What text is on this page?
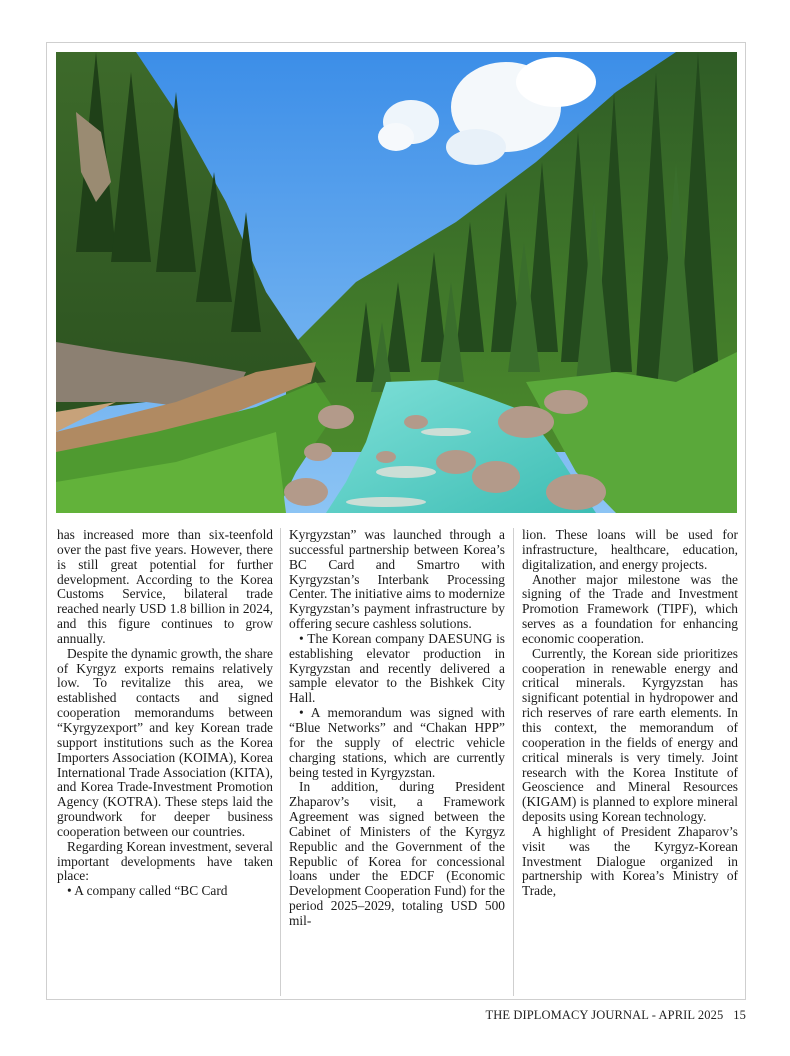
has increased more than six-teenfold over the past five years. However, there is still great potential for further development. According to the Korea Customs Service, bilateral trade reached nearly USD 1.8 billion in 2024, and this figure continues to grow annually.

Despite the dynamic growth, the share of Kyrgyz exports remains relatively low. To revitalize this area, we established contacts and signed cooperation memorandums between “Kyrgyzexport” and key Korean trade support institutions such as the Korea Importers Association (KOIMA), Korea International Trade Association (KITA), and Korea Trade-Investment Promotion Agency (KOTRA). These steps laid the groundwork for deeper business cooperation between our countries.

Regarding Korean investment, several important developments have taken place:

• A company called “BC Card

Kyrgyzstan” was launched through a successful partnership between Korea’s BC Card and Smartro with Kyrgyzstan’s Interbank Processing Center. The initiative aims to modernize Kyrgyzstan’s payment infrastructure by offering secure cashless solutions.

• The Korean company DAESUNG is establishing elevator production in Kyrgyzstan and recently delivered a sample elevator to the Bishkek City Hall.

• A memorandum was signed with “Blue Networks” and “Chakan HPP” for the supply of electric vehicle charging stations, which are currently being tested in Kyrgyzstan.

In addition, during President Zhaparov’s visit, a Framework Agreement was signed between the Cabinet of Ministers of the Kyrgyz Republic and the Government of the Republic of Korea for concessional loans under the EDCF (Economic Development Cooperation Fund) for the period 2025–2029, totaling USD 500 mil-

lion. These loans will be used for infrastructure, healthcare, education, digitalization, and energy projects.

Another major milestone was the signing of the Trade and Investment Promotion Framework (TIPF), which serves as a foundation for enhancing economic cooperation.

Currently, the Korean side prioritizes cooperation in renewable energy and critical minerals. Kyrgyzstan has significant potential in hydropower and rich reserves of rare earth elements. In this context, the memorandum of cooperation in the fields of energy and critical minerals is very timely. Joint research with the Korea Institute of Geoscience and Mineral Resources (KIGAM) is planned to explore mineral deposits using Korean technology.

A highlight of President Zhaparov’s visit was the Kyrgyz-Korean Investment Dialogue organized in partnership with Korea’s Ministry of Trade,

THE DIPLOMACY JOURNAL - APRIL 2025 15
